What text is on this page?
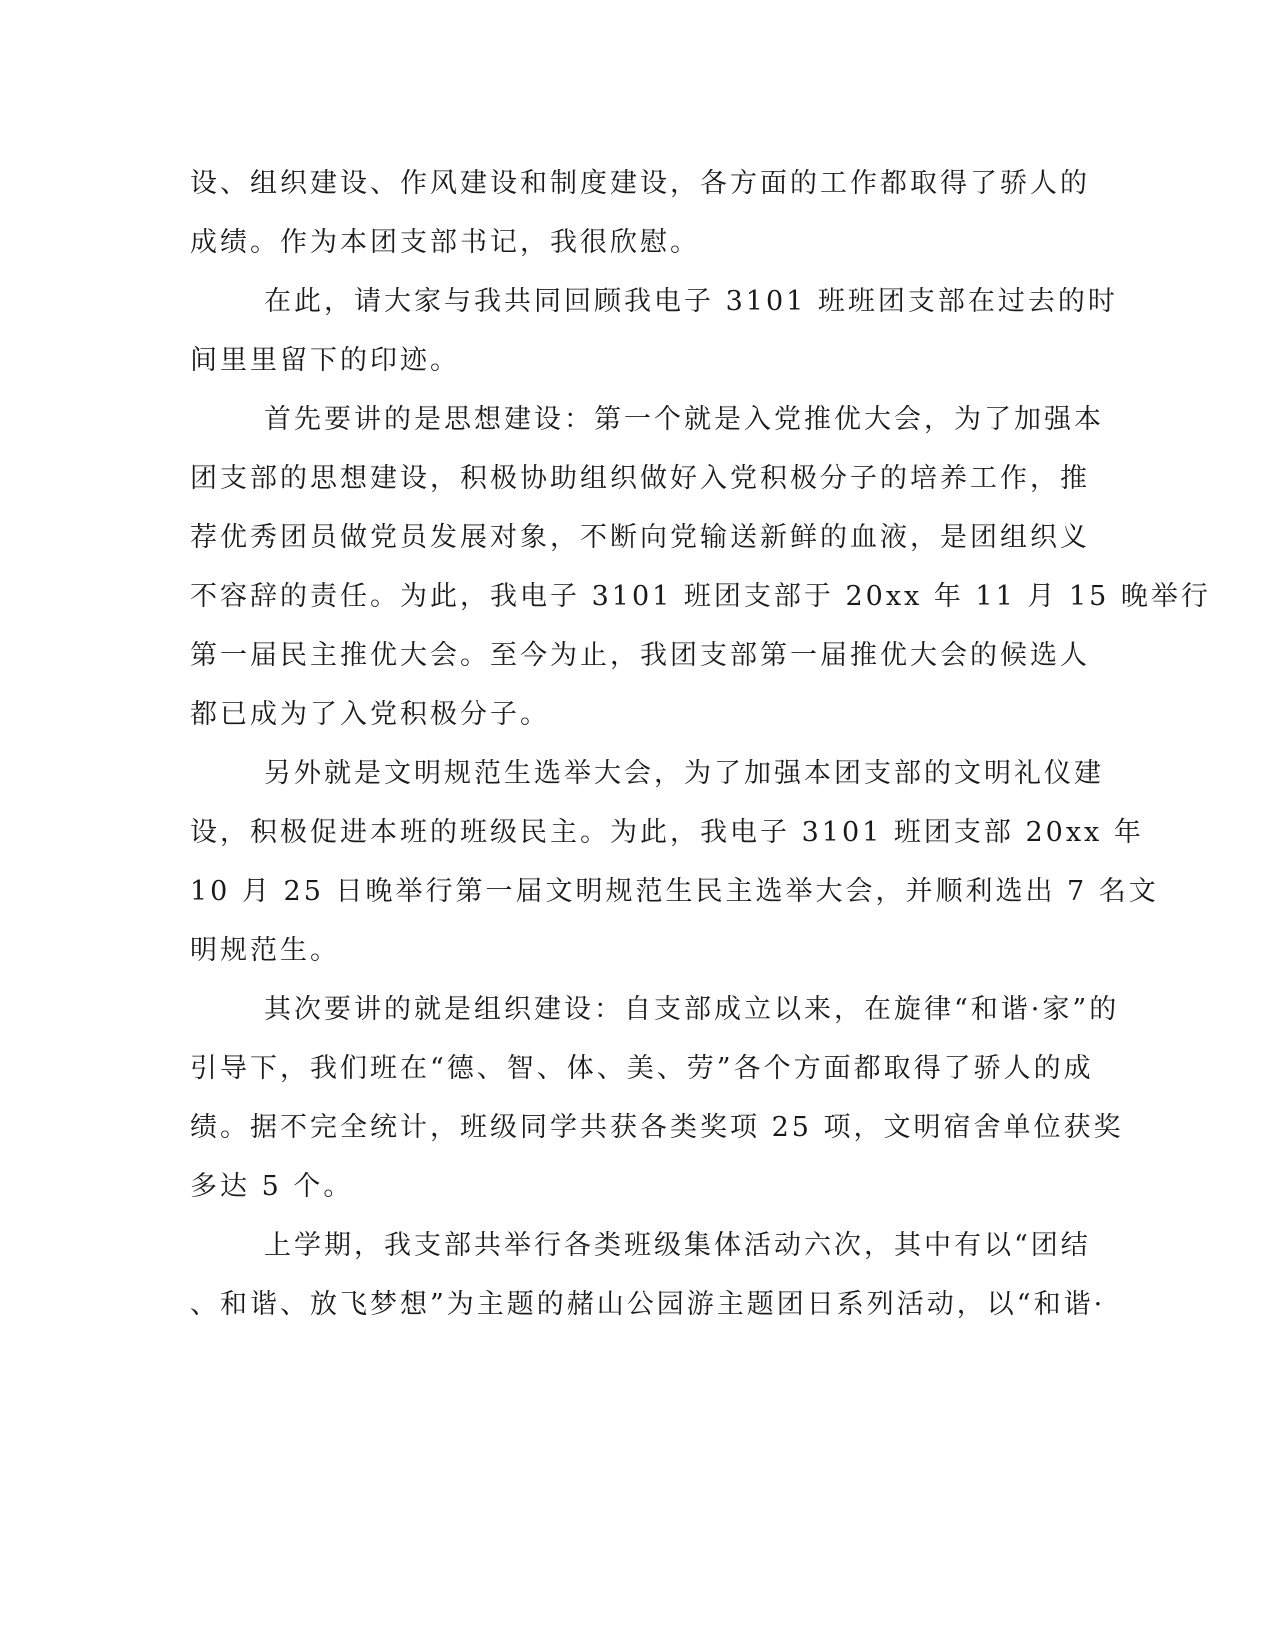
设、组织建设、作风建设和制度建设，各方面的工作都取得了骄人的

成绩。作为本团支部书记，我很欣慰。

在此，请大家与我共同回顾我电子 3101 班班团支部在过去的时

间里里留下的印迹。

首先要讲的是思想建设：第一个就是入党推优大会，为了加强本

团支部的思想建设，积极协助组织做好入党积极分子的培养工作，推

荐优秀团员做党员发展对象，不断向党输送新鲜的血液，是团组织义

不容辞的责任。为此，我电子 3101 班团支部于 20xx 年 11 月 15 晚举行

第一届民主推优大会。至今为止，我团支部第一届推优大会的候选人

都已成为了入党积极分子。

另外就是文明规范生选举大会，为了加强本团支部的文明礼仪建

设，积极促进本班的班级民主。为此，我电子 3101 班团支部 20xx 年

10 月 25 日晚举行第一届文明规范生民主选举大会，并顺利选出 7 名文

明规范生。

其次要讲的就是组织建设：自支部成立以来，在旋律“和谐·家”的

引导下，我们班在“德、智、体、美、劳”各个方面都取得了骄人的成

绩。据不完全统计，班级同学共获各类奖项 25 项，文明宿舍单位获奖

多达 5 个。

上学期，我支部共举行各类班级集体活动六次，其中有以“团结

、和谐、放飞梦想”为主题的赭山公园游主题团日系列活动，以“和谐·
